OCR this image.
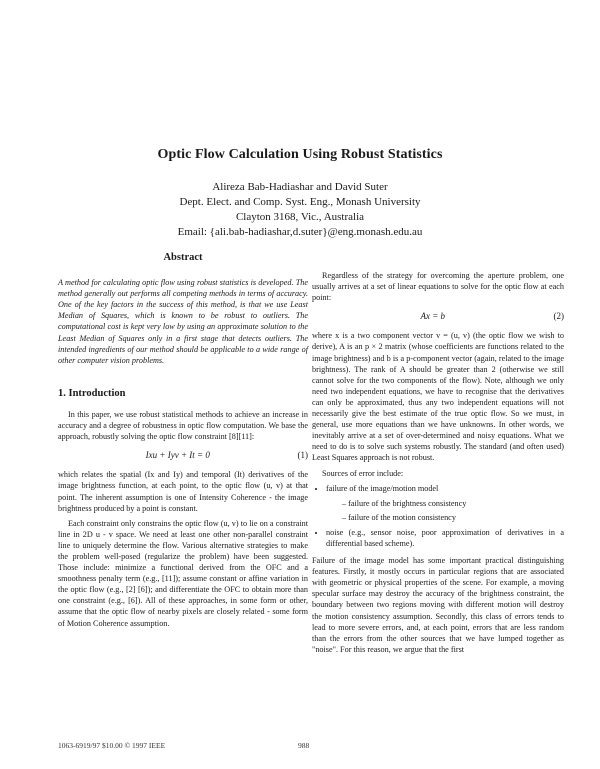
Optic Flow Calculation Using Robust Statistics
Alireza Bab-Hadiashar and David Suter
Dept. Elect. and Comp. Syst. Eng., Monash University
Clayton 3168, Vic., Australia
Email: {ali.bab-hadiashar,d.suter}@eng.monash.edu.au
Abstract
A method for calculating optic flow using robust statistics is developed. The method generally out performs all competing methods in terms of accuracy. One of the key factors in the success of this method, is that we use Least Median of Squares, which is known to be robust to outliers. The computational cost is kept very low by using an approximate solution to the Least Median of Squares only in a first stage that detects outliers. The intended ingredients of our method should be applicable to a wide range of other computer vision problems.
1. Introduction

In this paper, we use robust statistical methods to achieve an increase in accuracy and a degree of robustness in optic flow computation. We base the approach, robustly solving the optic flow constraint [8][11]:

Ixu + Iyv + It = 0	(1)

which relates the spatial (Ix and Iy) and temporal (It) derivatives of the image brightness function, at each point, to the optic flow (u, v) at that point. The inherent assumption is one of Intensity Coherence - the image brightness produced by a point is constant.

Each constraint only constrains the optic flow (u, v) to lie on a constraint line in 2D u - v space. We need at least one other non-parallel constraint line to uniquely determine the flow. Various alternative strategies to make the problem well-posed (regularize the problem) have been suggested. Those include: minimize a functional derived from the OFC and a smoothness penalty term (e.g., [11]); assume constant or affine variation in the optic flow (e.g., [2] [6]); and differentiate the OFC to obtain more than one constraint (e.g., [6]). All of these approaches, in some form or other, assume that the optic flow of nearby pixels are closely related - some form of Motion Coherence assumption.

Regardless of the strategy for overcoming the aperture problem, one usually arrives at a set of linear equations to solve for the optic flow at each point:

Ax = b	(2)

where x is a two component vector v = (u, v) (the optic flow we wish to derive), A is an p × 2 matrix (whose coefficients are functions related to the image brightness) and b is a p-component vector (again, related to the image brightness). The rank of A should be greater than 2 (otherwise we still cannot solve for the two components of the flow). Note, although we only need two independent equations, we have to recognise that the derivatives can only be approximated, thus any two independent equations will not necessarily give the best estimate of the true optic flow. So we must, in general, use more equations than we have unknowns. In other words, we inevitably arrive at a set of over-determined and noisy equations. What we need to do is to solve such systems robustly. The standard (and often used) Least Squares approach is not robust.

Sources of error include:

• failure of the image/motion model
– failure of the brightness consistency
– failure of the motion consistency
• noise (e.g., sensor noise, poor approximation of derivatives in a differential based scheme).

Failure of the image model has some important practical distinguishing features. Firstly, it mostly occurs in particular regions that are associated with geometric or physical properties of the scene. For example, a moving specular surface may destroy the accuracy of the brightness constraint, the boundary between two regions moving with different motion will destroy the motion consistency assumption. Secondly, this class of errors tends to lead to more severe errors, and, at each point, errors that are less random than the errors from the other sources that we have lumped together as "noise". For this reason, we argue that the first

1063-6919/97 $10.00 © 1997 IEEE	988
